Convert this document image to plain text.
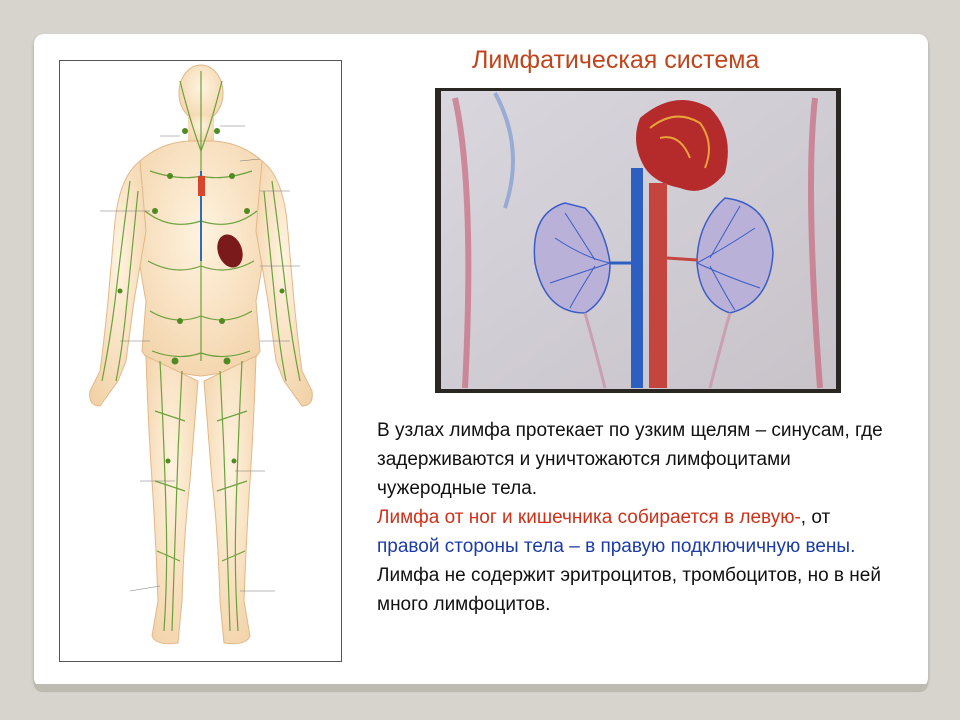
Лимфатическая система

В узлах лимфа протекает по узким щелям – синусам, где задерживаются и уничтожаются лимфоцитами чужеродные тела.

Лимфа от ног и кишечника собирается в левую-, от правой стороны тела – в правую подключичную вены.

Лимфа не содержит эритроцитов, тромбоцитов, но в ней много лимфоцитов.
